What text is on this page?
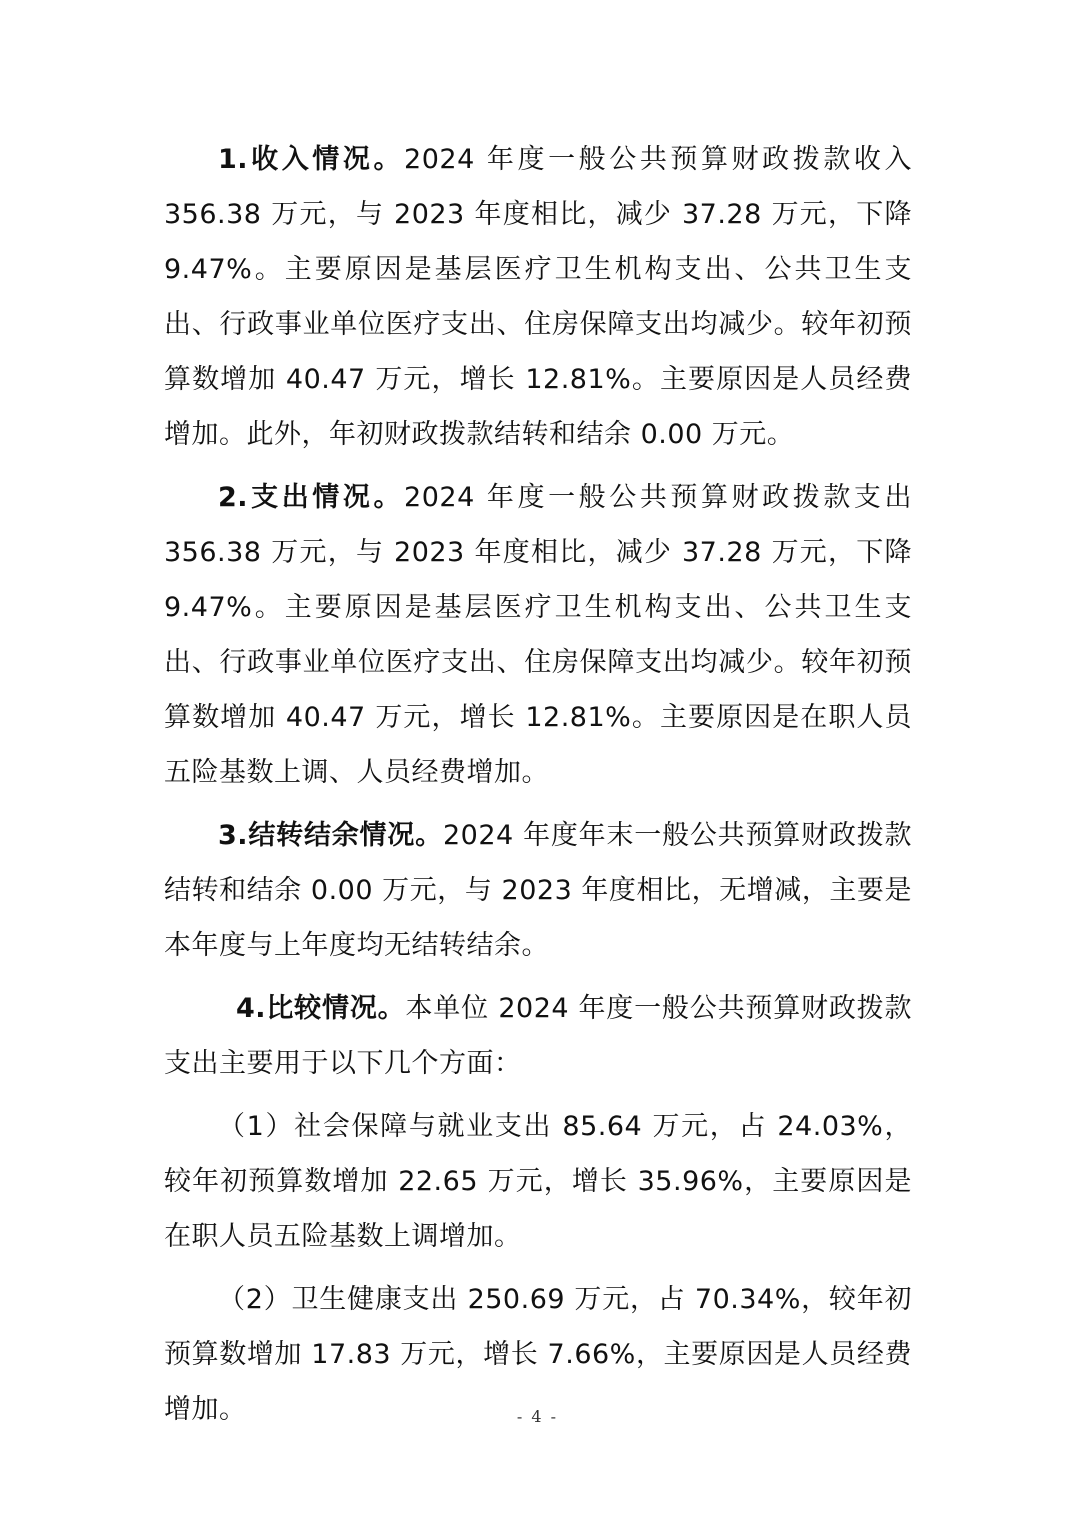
1.收入情况。2024 年度一般公共预算财政拨款收入 356.38 万元，与 2023 年度相比，减少 37.28 万元，下降 9.47%。主要原因是基层医疗卫生机构支出、公共卫生支出、行政事业单位医疗支出、住房保障支出均减少。较年初预算数增加 40.47 万元，增长 12.81%。主要原因是人员经费增加。此外，年初财政拨款结转和结余 0.00 万元。

2.支出情况。2024 年度一般公共预算财政拨款支出 356.38 万元，与 2023 年度相比，减少 37.28 万元，下降 9.47%。主要原因是基层医疗卫生机构支出、公共卫生支出、行政事业单位医疗支出、住房保障支出均减少。较年初预算数增加 40.47 万元，增长 12.81%。主要原因是在职人员五险基数上调、人员经费增加。

3.结转结余情况。2024 年度年末一般公共预算财政拨款结转和结余 0.00 万元，与 2023 年度相比，无增减，主要是本年度与上年度均无结转结余。

4.比较情况。本单位 2024 年度一般公共预算财政拨款支出主要用于以下几个方面：

（1）社会保障与就业支出 85.64 万元，占 24.03%，较年初预算数增加 22.65 万元，增长 35.96%，主要原因是在职人员五险基数上调增加。

（2）卫生健康支出 250.69 万元，占 70.34%，较年初预算数增加 17.83 万元，增长 7.66%，主要原因是人员经费增加。	- 4 -
